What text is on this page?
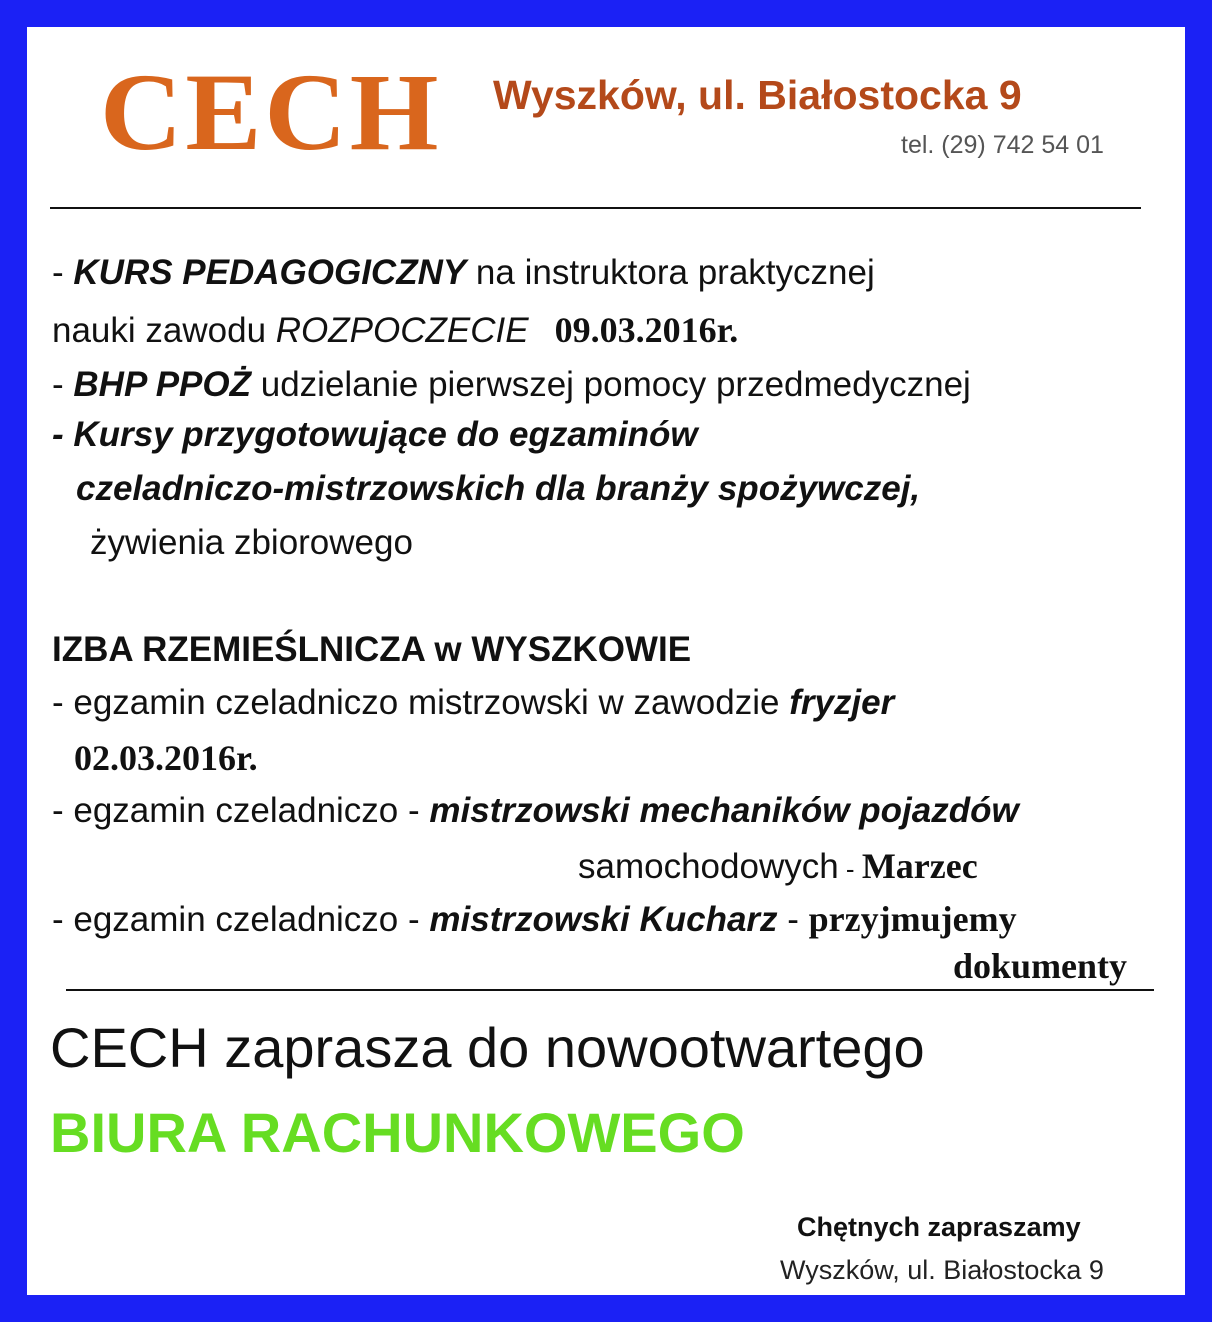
CECH Wyszków, ul. Białostocka 9
tel. (29) 742 54 01
- KURS PEDAGOGICZNY na instruktora praktycznej
nauki zawodu ROZPOCZECIE 09.03.2016r.
- BHP PPOŻ udzielanie pierwszej pomocy przedmedycznej
- Kursy przygotowujące do egzaminów
czeladniczo-mistrzowskich dla branży spożywczej,
żywienia zbiorowego
IZBA RZEMIEŚLNICZA w WYSZKOWIE
- egzamin czeladniczo mistrzowski w zawodzie fryzjer
02.03.2016r.
- egzamin czeladniczo - mistrzowski mechaników pojazdów
samochodowych - Marzec
- egzamin czeladniczo - mistrzowski Kucharz - przyjmujemy
dokumenty
CECH zaprasza do nowootwartego
BIURA RACHUNKOWEGO
Chętnych zapraszamy
Wyszków, ul. Białostocka 9
